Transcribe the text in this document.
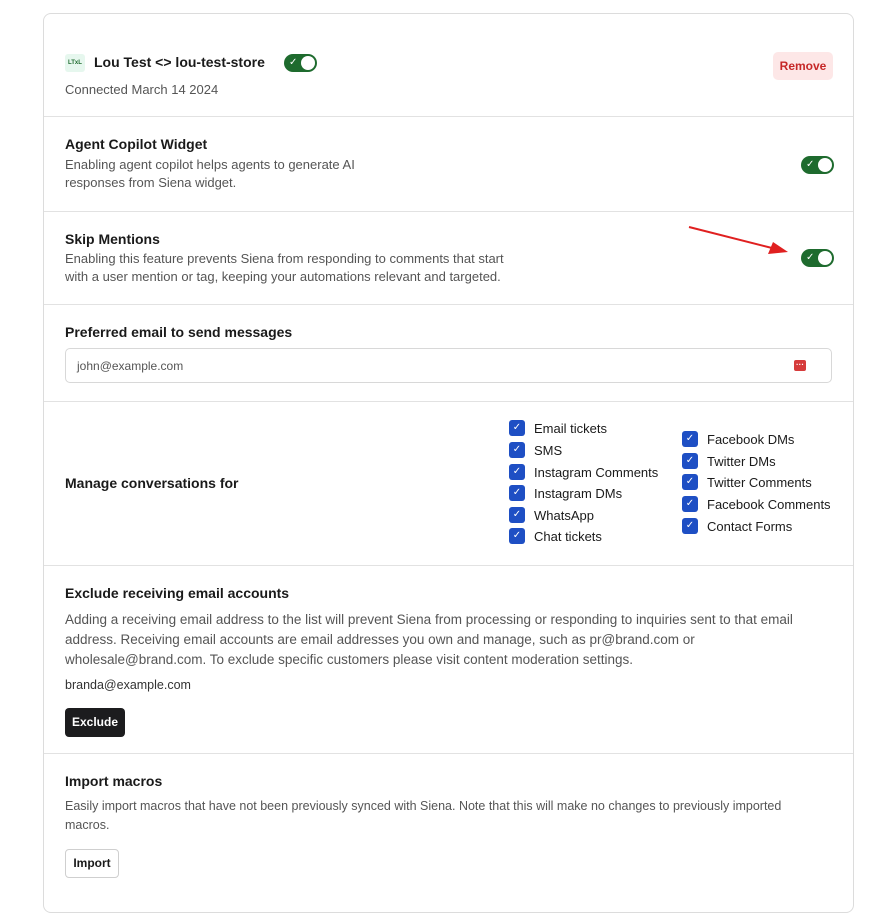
LTxL Lou Test <> lou-test-store ✓
Connected March 14 2024
Remove
Agent Copilot Widget
Enabling agent copilot helps agents to generate AI
responses from Siena widget.
✓
Skip Mentions
Enabling this feature prevents Siena from responding to comments that start
with a user mention or tag, keeping your automations relevant and targeted.
✓
Preferred email to send messages
john@example.com	···
Manage conversations for
✓ Email tickets
✓ SMS
✓ Instagram Comments
✓ Instagram DMs
✓ WhatsApp
✓ Chat tickets
✓ Facebook DMs
✓ Twitter DMs
✓ Twitter Comments
✓ Facebook Comments
✓ Contact Forms
Exclude receiving email accounts
Adding a receiving email address to the list will prevent Siena from processing or responding to inquiries sent to that email
address. Receiving email accounts are email addresses you own and manage, such as pr@brand.com or
wholesale@brand.com. To exclude specific customers please visit content moderation settings.
branda@example.com
Exclude
Import macros
Easily import macros that have not been previously synced with Siena. Note that this will make no changes to previously imported
macros.
Import
